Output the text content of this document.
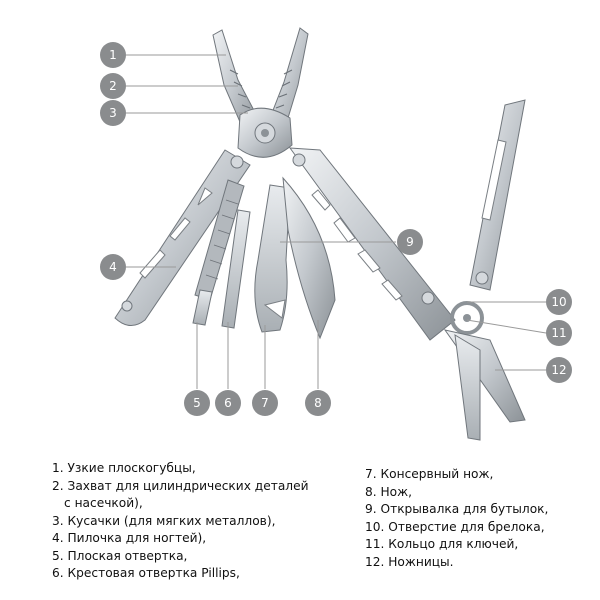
1
2
3
4
5 6 7	8
9
10
11
12
1. Узкие плоскогубцы,
2. Захват для цилиндрических деталей
с насечкой),
3. Кусачки (для мягких металлов),
4. Пилочка для ногтей),
5. Плоская отвертка,
6. Крестовая отвертка Pillips,
7. Консервный нож,
8. Нож,
9. Открывалка для бутылок,
10. Отверстие для брелока,
11. Кольцо для ключей,
12. Ножницы.
